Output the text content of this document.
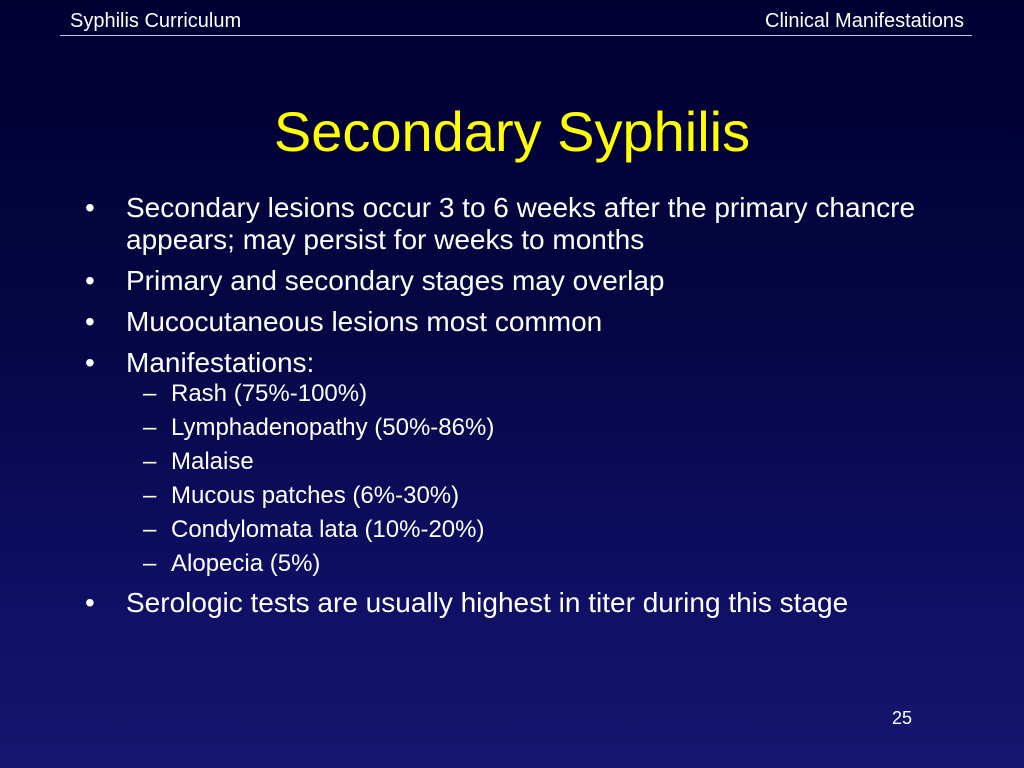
Syphilis Curriculum	Clinical Manifestations
Secondary Syphilis
•	Secondary lesions occur 3 to 6 weeks after the primary chancre appears; may persist for weeks to months
•	Primary and secondary stages may overlap
•	Mucocutaneous lesions most common
•	Manifestations:
– Rash (75%-100%)
– Lymphadenopathy (50%-86%)
– Malaise
– Mucous patches (6%-30%)
– Condylomata lata (10%-20%)
– Alopecia (5%)
•	Serologic tests are usually highest in titer during this stage
25
